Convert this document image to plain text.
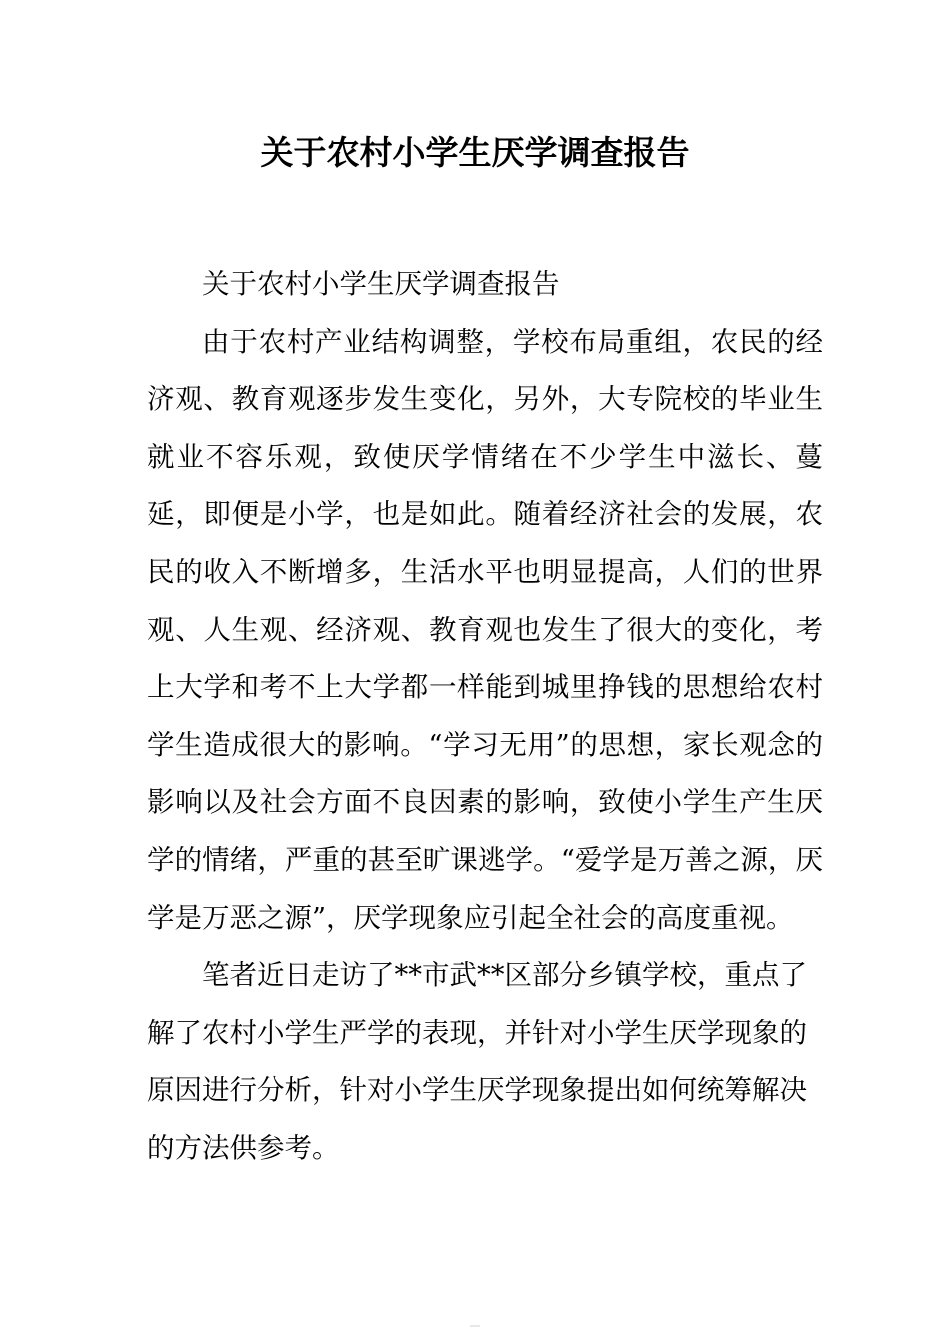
关于农村小学生厌学调查报告

关于农村小学生厌学调查报告

由于农村产业结构调整，学校布局重组，农民的经济观、教育观逐步发生变化，另外，大专院校的毕业生就业不容乐观，致使厌学情绪在不少学生中滋长、蔓延，即便是小学，也是如此。随着经济社会的发展，农民的收入不断增多，生活水平也明显提高，人们的世界观、人生观、经济观、教育观也发生了很大的变化，考上大学和考不上大学都一样能到城里挣钱的思想给农村学生造成很大的影响。“学习无用”的思想，家长观念的影响以及社会方面不良因素的影响，致使小学生产生厌学的情绪，严重的甚至旷课逃学。“爱学是万善之源，厌学是万恶之源”，厌学现象应引起全社会的高度重视。

笔者近日走访了**市武**区部分乡镇学校，重点了解了农村小学生严学的表现，并针对小学生厌学现象的原因进行分析，针对小学生厌学现象提出如何统筹解决的方法供参考。
